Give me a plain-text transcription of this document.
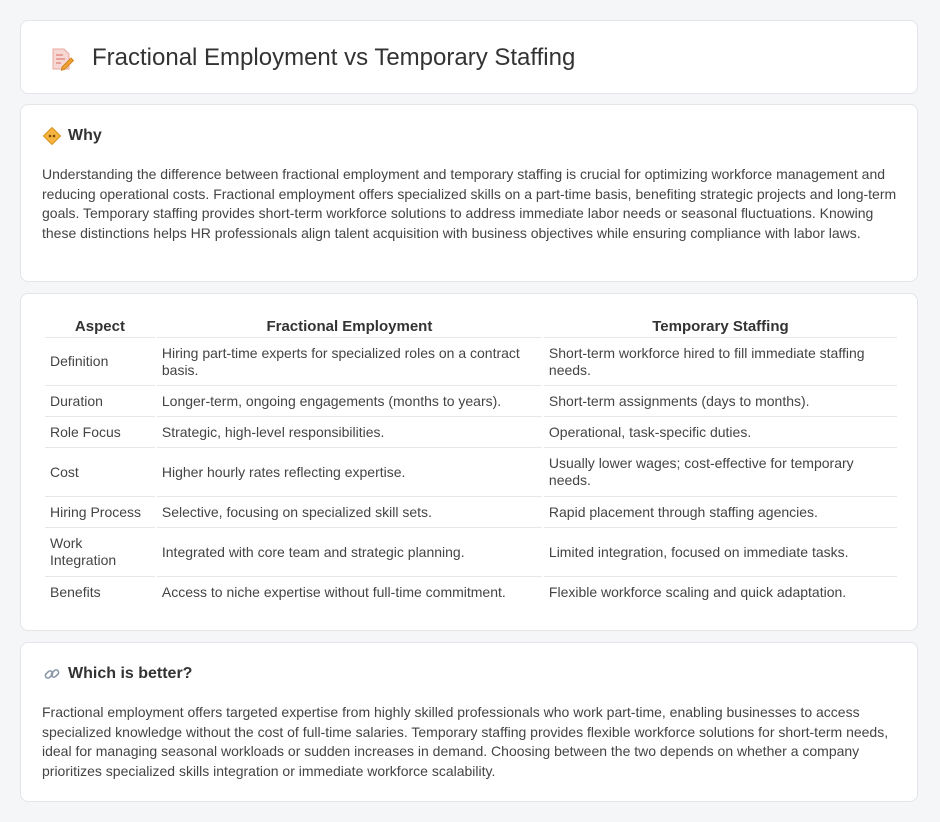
Fractional Employment vs Temporary Staffing
Why

Understanding the difference between fractional employment and temporary staffing is crucial for optimizing workforce management and reducing operational costs. Fractional employment offers specialized skills on a part-time basis, benefiting strategic projects and long-term goals. Temporary staffing provides short-term workforce solutions to address immediate labor needs or seasonal fluctuations. Knowing these distinctions helps HR professionals align talent acquisition with business objectives while ensuring compliance with labor laws.

Aspect	Fractional Employment	Temporary Staffing
Definition	Hiring part-time experts for specialized roles on a contract basis.	Short-term workforce hired to fill immediate staffing needs.
Duration	Longer-term, ongoing engagements (months to years).	Short-term assignments (days to months).
Role Focus	Strategic, high-level responsibilities.	Operational, task-specific duties.
Cost	Higher hourly rates reflecting expertise.	Usually lower wages; cost-effective for temporary needs.
Hiring Process	Selective, focusing on specialized skill sets.	Rapid placement through staffing agencies.
Work Integration	Integrated with core team and strategic planning.	Limited integration, focused on immediate tasks.
Benefits	Access to niche expertise without full-time commitment.	Flexible workforce scaling and quick adaptation.
Which is better?

Fractional employment offers targeted expertise from highly skilled professionals who work part-time, enabling businesses to access specialized knowledge without the cost of full-time salaries. Temporary staffing provides flexible workforce solutions for short-term needs, ideal for managing seasonal workloads or sudden increases in demand. Choosing between the two depends on whether a company prioritizes specialized skills integration or immediate workforce scalability.
